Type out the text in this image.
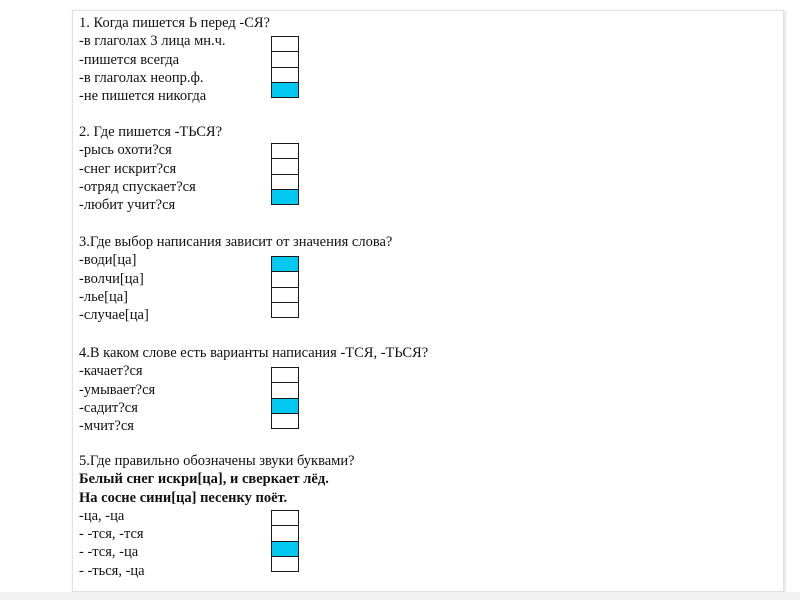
1. Когда пишется Ь перед -СЯ?
-в глаголах 3 лица мн.ч.
-пишется всегда
-в глаголах неопр.ф.
-не пишется никогда
2. Где пишется -ТЬСЯ?
-рысь охоти?ся
-снег искрит?ся
-отряд спускает?ся
-любит учит?ся
3.Где выбор написания зависит от значения слова?
-води[ца]
-волчи[ца]
-лье[ца]
-случае[ца]
4.В каком слове есть варианты написания -ТСЯ, -ТЬСЯ?
-качает?ся
-умывает?ся
-садит?ся
-мчит?ся
5.Где правильно обозначены звуки буквами?
Белый снег искри[ца], и сверкает лёд.
На сосне сини[ца] песенку поёт.
-ца, -ца
- -тся, -тся
- -тся, -ца
- -ться, -ца
